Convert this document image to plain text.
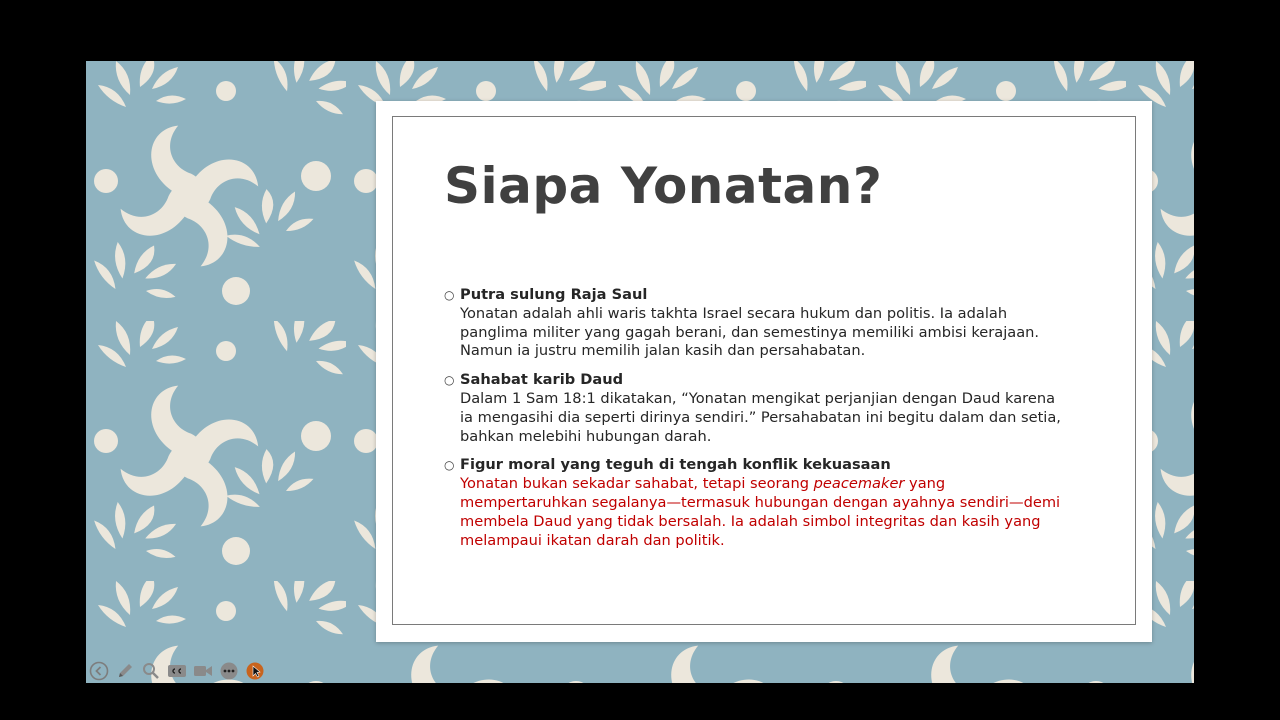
Siapa Yonatan?
○ Putra sulung Raja Saul
Yonatan adalah ahli waris takhta Israel secara hukum dan politis. Ia adalah panglima militer yang gagah berani, dan semestinya memiliki ambisi kerajaan. Namun ia justru memilih jalan kasih dan persahabatan.
○ Sahabat karib Daud
Dalam 1 Sam 18:1 dikatakan, “Yonatan mengikat perjanjian dengan Daud karena ia mengasihi dia seperti dirinya sendiri.” Persahabatan ini begitu dalam dan setia, bahkan melebihi hubungan darah.
○ Figur moral yang teguh di tengah konflik kekuasaan
Yonatan bukan sekadar sahabat, tetapi seorang peacemaker yang mempertaruhkan segalanya—termasuk hubungan dengan ayahnya sendiri—demi membela Daud yang tidak bersalah. Ia adalah simbol integritas dan kasih yang melampaui ikatan darah dan politik.
